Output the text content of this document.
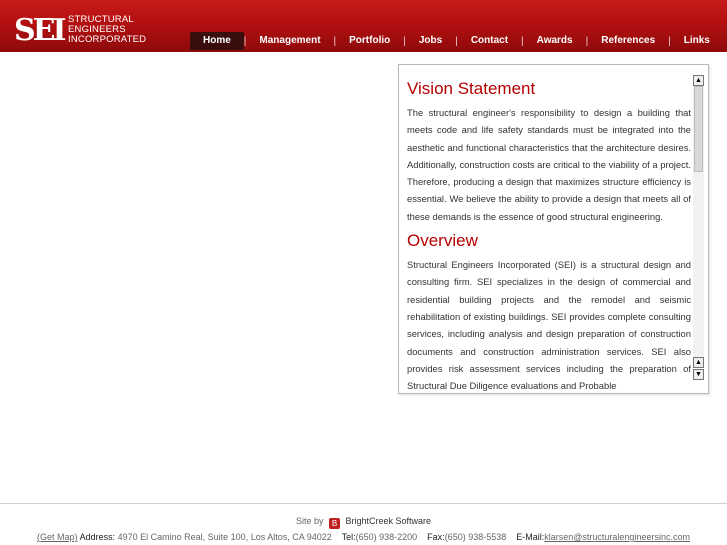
SEI STRUCTURAL
ENGINEERS
INCORPORATED	Home	|	Management	|	Portfolio	|	Jobs	|	Contact	|	Awards	|	References	|	Links
Vision Statement

The structural engineer's responsibility to design a building that meets code and life safety standards must be integrated into the aesthetic and functional characteristics that the architecture desires. Additionally, construction costs are critical to the viability of a project. Therefore, producing a design that maximizes structure efficiency is essential. We believe the ability to provide a design that meets all of these demands is the essence of good structural engineering.

Overview

Structural Engineers Incorporated (SEI) is a structural design and consulting firm. SEI specializes in the design of commercial and residential building projects and the remodel and seismic rehabilitation of existing buildings. SEI provides complete consulting services, including analysis and design preparation of construction documents and construction administration services. SEI also provides risk assessment services including the preparation of Structural Due Diligence evaluations and Probable

▲
▲
▼
Site by B BrightCreek Software
(Get Map) Address: 4970 El Camino Real, Suite 100, Los Altos, CA 94022 Tel:(650) 938-2200 Fax:(650) 938-5538 E-Mail:klarsen@structuralengineersinc.com
